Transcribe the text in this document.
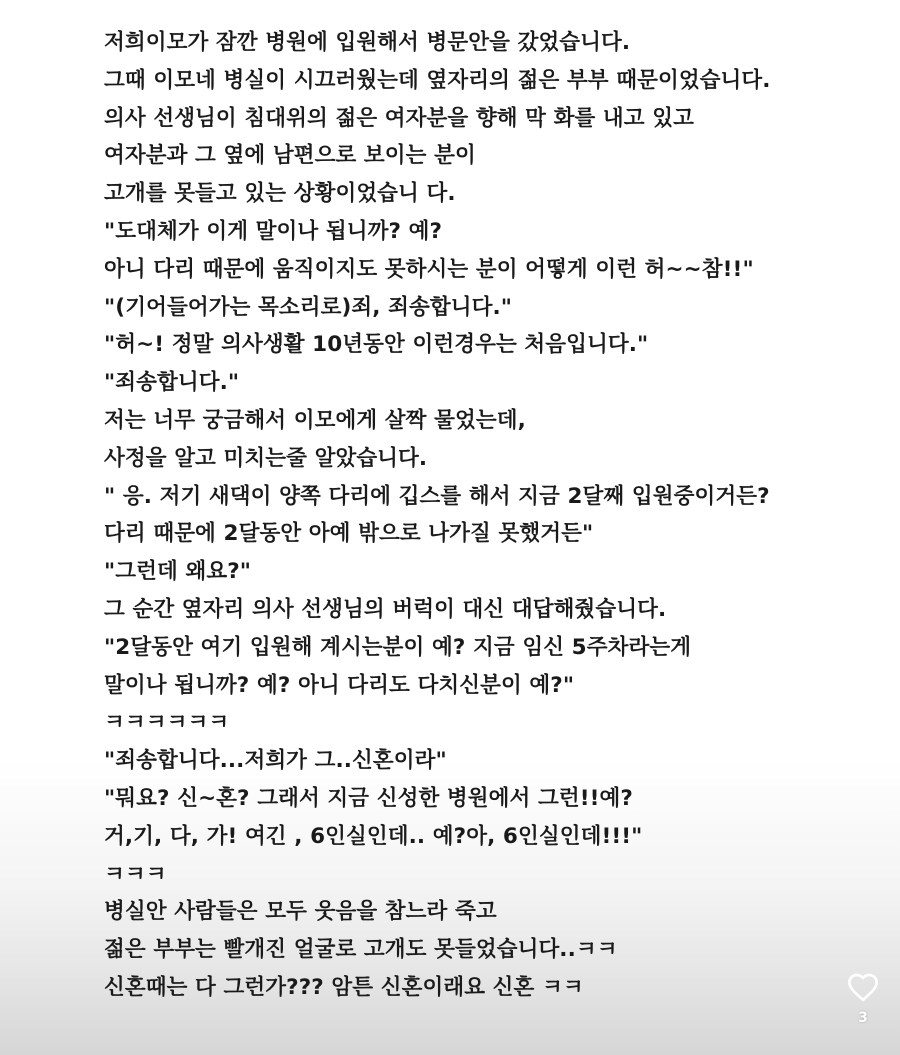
저희이모가 잠깐 병원에 입원해서 병문안을 갔었습니다.
그때 이모네 병실이 시끄러웠는데 옆자리의 젊은 부부 때문이었습니다.
의사 선생님이 침대위의 젊은 여자분을 향해 막 화를 내고 있고
여자분과 그 옆에 남편으로 보이는 분이
고개를 못들고 있는 상황이었습니 다.
"도대체가 이게 말이나 됩니까? 예?
아니 다리 때문에 움직이지도 못하시는 분이 어떻게 이런 허~~참!!"
"(기어들어가는 목소리로)죄, 죄송합니다."
"허~! 정말 의사생활 10년동안 이런경우는 처음입니다."
"죄송합니다."
저는 너무 궁금해서 이모에게 살짝 물었는데,
사정을 알고 미치는줄 알았습니다.
" 응. 저기 새댁이 양쪽 다리에 깁스를 해서 지금 2달째 입원중이거든?
다리 때문에 2달동안 아예 밖으로 나가질 못했거든"
"그런데 왜요?"
그 순간 옆자리 의사 선생님의 버럭이 대신 대답해줬습니다.
"2달동안 여기 입원해 계시는분이 예? 지금 임신 5주차라는게
말이나 됩니까? 예? 아니 다리도 다치신분이 예?"
ㅋㅋㅋㅋㅋㅋ
"죄송합니다...저희가 그..신혼이라"
"뭐요? 신~혼? 그래서 지금 신성한 병원에서 그런!!예?
거,기, 다, 가! 여긴 , 6인실인데.. 예?아, 6인실인데!!!"
ㅋㅋㅋ
병실안 사람들은 모두 웃음을 참느라 죽고
젊은 부부는 빨개진 얼굴로 고개도 못들었습니다..ㅋㅋ
신혼때는 다 그런가??? 암튼 신혼이래요 신혼 ㅋㅋ
3
